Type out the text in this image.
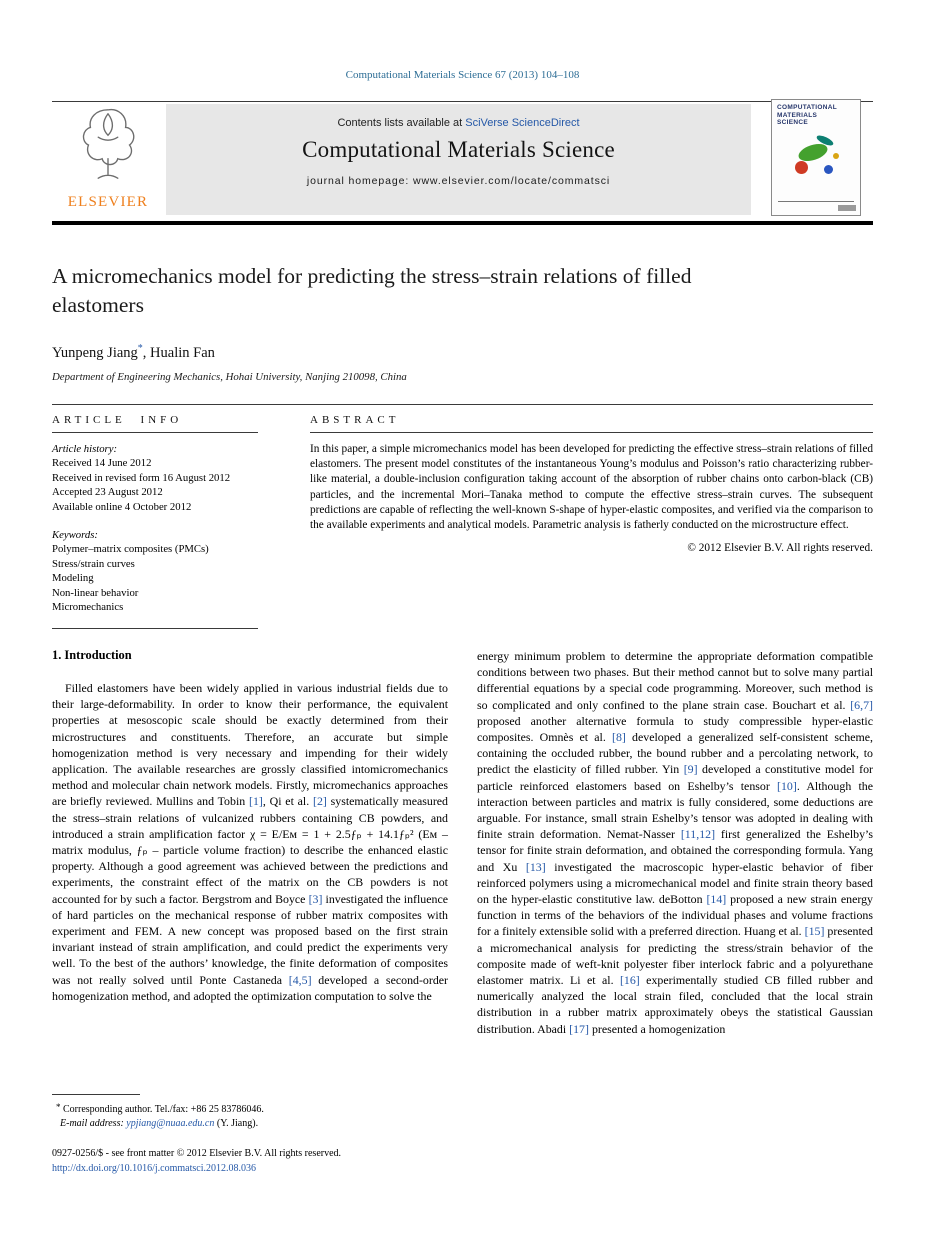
Computational Materials Science 67 (2013) 104–108
ELSEVIER
Contents lists available at SciVerse ScienceDirect
Computational Materials Science
journal homepage: www.elsevier.com/locate/commatsci
COMPUTATIONAL
MATERIALS
SCIENCE
A micromechanics model for predicting the stress–strain relations of filled elastomers
Yunpeng Jiang*, Hualin Fan
Department of Engineering Mechanics, Hohai University, Nanjing 210098, China
ARTICLE INFO
Article history:
Received 14 June 2012
Received in revised form 16 August 2012
Accepted 23 August 2012
Available online 4 October 2012
Keywords:
Polymer–matrix composites (PMCs)
Stress/strain curves
Modeling
Non-linear behavior
Micromechanics
ABSTRACT

In this paper, a simple micromechanics model has been developed for predicting the effective stress–strain relations of filled elastomers. The present model constitutes of the instantaneous Young’s modulus and Poisson’s ratio characterizing rubber-like material, a double-inclusion configuration taking account of the absorption of rubber chains onto carbon-black (CB) particles, and the incremental Mori–Tanaka method to compute the effective stress–strain curves. The subsequent predictions are capable of reflecting the well-known S-shape of hyper-elastic composites, and verified via the comparison to the available experiments and analytical models. Parametric analysis is fatherly conducted on the microstructure effect.

© 2012 Elsevier B.V. All rights reserved.
1. Introduction

Filled elastomers have been widely applied in various industrial fields due to their large-deformability. In order to know their performance, the equivalent properties at mesoscopic scale should be exactly determined from their microstructures and constituents. Therefore, an accurate but simple homogenization method is very necessary and impending for their widely application. The available researches are grossly classified intomicromechanics method and molecular chain network models. Firstly, micromechanics approaches are briefly reviewed. Mullins and Tobin [1], Qi et al. [2] systematically measured the stress–strain relations of vulcanized rubbers containing CB powders, and introduced a strain amplification factor χ = E/Eᴍ = 1 + 2.5ƒₚ + 14.1ƒₚ² (Eᴍ – matrix modulus, ƒₚ – particle volume fraction) to describe the enhanced elastic property. Although a good agreement was achieved between the predictions and experiments, the constraint effect of the matrix on the CB powders is not accounted for by such a factor. Bergstrom and Boyce [3] investigated the influence of hard particles on the mechanical response of rubber matrix composites with experiment and FEM. A new concept was proposed based on the first strain invariant instead of strain amplification, and could predict the experiments very well. To the best of the authors’ knowledge, the finite deformation of composites was not really solved until Ponte Castaneda [4,5] developed a second-order homogenization method, and adopted the optimization computation to solve the

energy minimum problem to determine the appropriate deformation compatible conditions between two phases. But their method cannot but to solve many partial differential equations by a special code programming. Moreover, such method is so complicated and only confined to the plane strain case. Bouchart et al. [6,7] proposed another alternative formula to study compressible hyper-elastic composites. Omnès et al. [8] developed a generalized self-consistent scheme, containing the occluded rubber, the bound rubber and a percolating network, to predict the elasticity of filled rubber. Yin [9] developed a constitutive model for particle reinforced elastomers based on Eshelby’s tensor [10]. Although the interaction between particles and matrix is fully considered, some deductions are arguable. For instance, small strain Eshelby’s tensor was adopted in dealing with finite strain deformation. Nemat-Nasser [11,12] first generalized the Eshelby’s tensor for finite strain deformation, and obtained the corresponding formula. Yang and Xu [13] investigated the macroscopic hyper-elastic behavior of fiber reinforced polymers using a micromechanical model and finite strain theory based on the hyper-elastic constitutive law. deBotton [14] proposed a new strain energy function in terms of the behaviors of the individual phases and volume fractions for a finitely extensible solid with a preferred direction. Huang et al. [15] presented a micromechanical analysis for predicting the stress/strain behavior of the composite made of weft-knit polyester fiber interlock fabric and a polyurethane elastomer matrix. Li et al. [16] experimentally studied CB filled rubber and numerically analyzed the local strain filed, concluded that the local strain distribution in a rubber matrix approximately obeys the statistical Gaussian distribution. Abadi [17] presented a homogenization

* Corresponding author. Tel./fax: +86 25 83786046.
E-mail address: ypjiang@nuaa.edu.cn (Y. Jiang).
0927-0256/$ - see front matter © 2012 Elsevier B.V. All rights reserved.
http://dx.doi.org/10.1016/j.commatsci.2012.08.036
